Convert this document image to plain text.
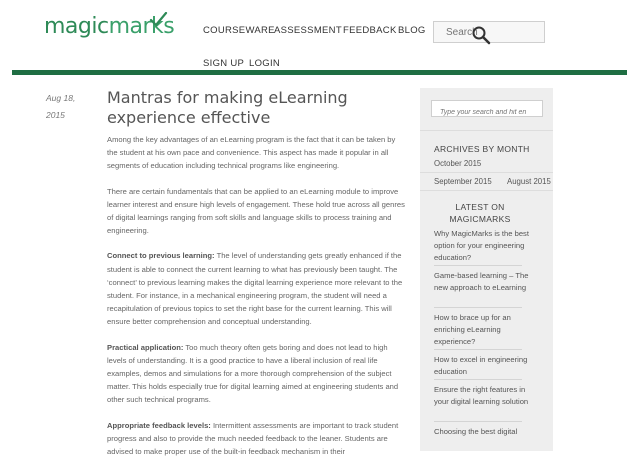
magicmarks	COURSEWARE ASSESSMENT FEEDBACK BLOG
SIGN UP LOGIN
Search
Aug 18,
2015
Mantras for making eLearning experience effective

Among the key advantages of an eLearning program is the fact that it can be taken by the student at his own pace and convenience. This aspect has made it popular in all segments of education including technical programs like engineering.

There are certain fundamentals that can be applied to an eLearning module to improve learner interest and ensure high levels of engagement. These hold true across all genres of digital learnings ranging from soft skills and language skills to process training and engineering.

Connect to previous learning: The level of understanding gets greatly enhanced if the student is able to connect the current learning to what has previously been taught. The ‘connect’ to previous learning makes the digital learning experience more relevant to the student. For instance, in a mechanical engineering program, the student will need a recapitulation of previous topics to set the right base for the current learning. This will ensure better comprehension and conceptual understanding.

Practical application: Too much theory often gets boring and does not lead to high levels of understanding. It is a good practice to have a liberal inclusion of real life examples, demos and simulations for a more thorough comprehension of the subject matter. This holds especially true for digital learning aimed at engineering students and other such technical programs.

Appropriate feedback levels: Intermittent assessments are important to track student progress and also to provide the much needed feedback to the leaner. Students are advised to make proper use of the built-in feedback mechanism in their

Type your search and hit en
ARCHIVES BY MONTH
October 2015
September 2015 August 2015
LATEST ON
MAGICMARKS
Why MagicMarks is the best option for your engineering education?
Game-based learning – The new approach to eLearning
How to brace up for an enriching eLearning experience?
How to excel in engineering education
Ensure the right features in your digital learning solution
Choosing the best digital
